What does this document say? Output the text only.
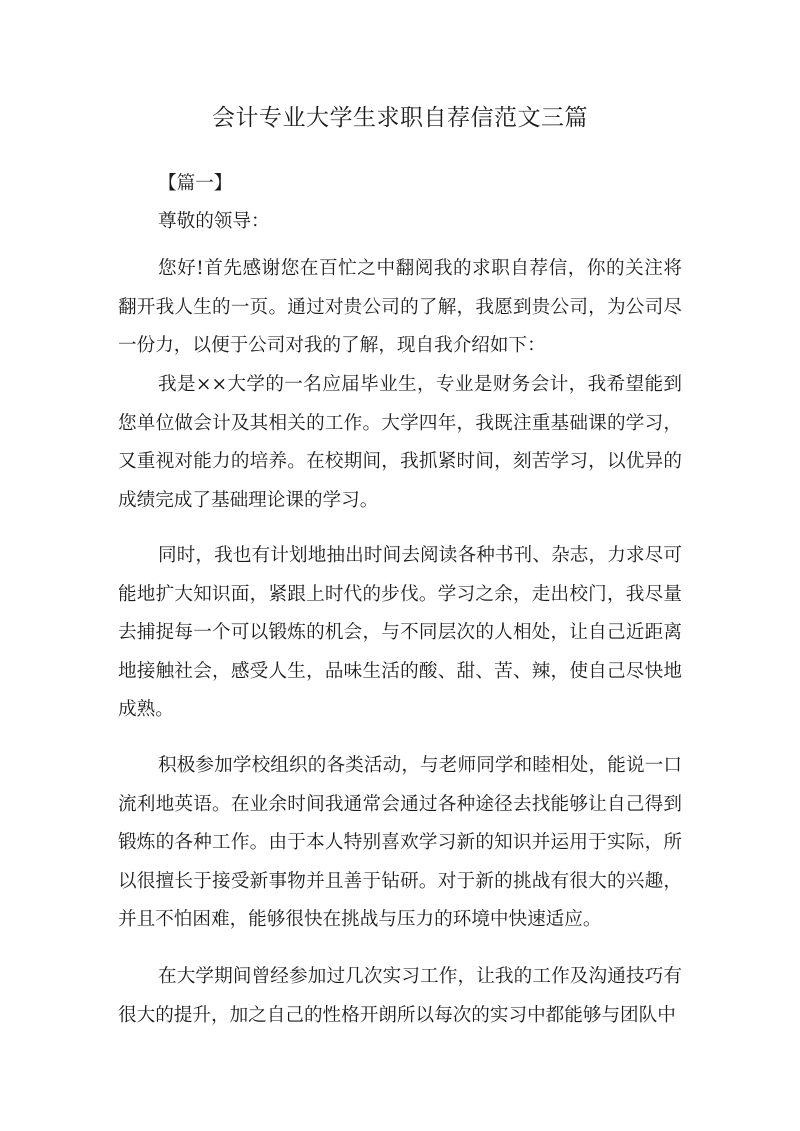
会计专业大学生求职自荐信范文三篇
【篇一】
尊敬的领导：

您好!首先感谢您在百忙之中翻阅我的求职自荐信，你的关注将翻开我人生的一页。通过对贵公司的了解，我愿到贵公司，为公司尽一份力，以便于公司对我的了解，现自我介绍如下：

我是××大学的一名应届毕业生，专业是财务会计，我希望能到您单位做会计及其相关的工作。大学四年，我既注重基础课的学习，又重视对能力的培养。在校期间，我抓紧时间，刻苦学习，以优异的成绩完成了基础理论课的学习。

同时，我也有计划地抽出时间去阅读各种书刊、杂志，力求尽可能地扩大知识面，紧跟上时代的步伐。学习之余，走出校门，我尽量去捕捉每一个可以锻炼的机会，与不同层次的人相处，让自己近距离地接触社会，感受人生，品味生活的酸、甜、苦、辣，使自己尽快地成熟。

积极参加学校组织的各类活动，与老师同学和睦相处，能说一口流利地英语。在业余时间我通常会通过各种途径去找能够让自己得到锻炼的各种工作。由于本人特别喜欢学习新的知识并运用于实际，所以很擅长于接受新事物并且善于钻研。对于新的挑战有很大的兴趣，并且不怕困难，能够很快在挑战与压力的环境中快速适应。

在大学期间曾经参加过几次实习工作，让我的工作及沟通技巧有很大的提升，加之自己的性格开朗所以每次的实习中都能够与团队中
